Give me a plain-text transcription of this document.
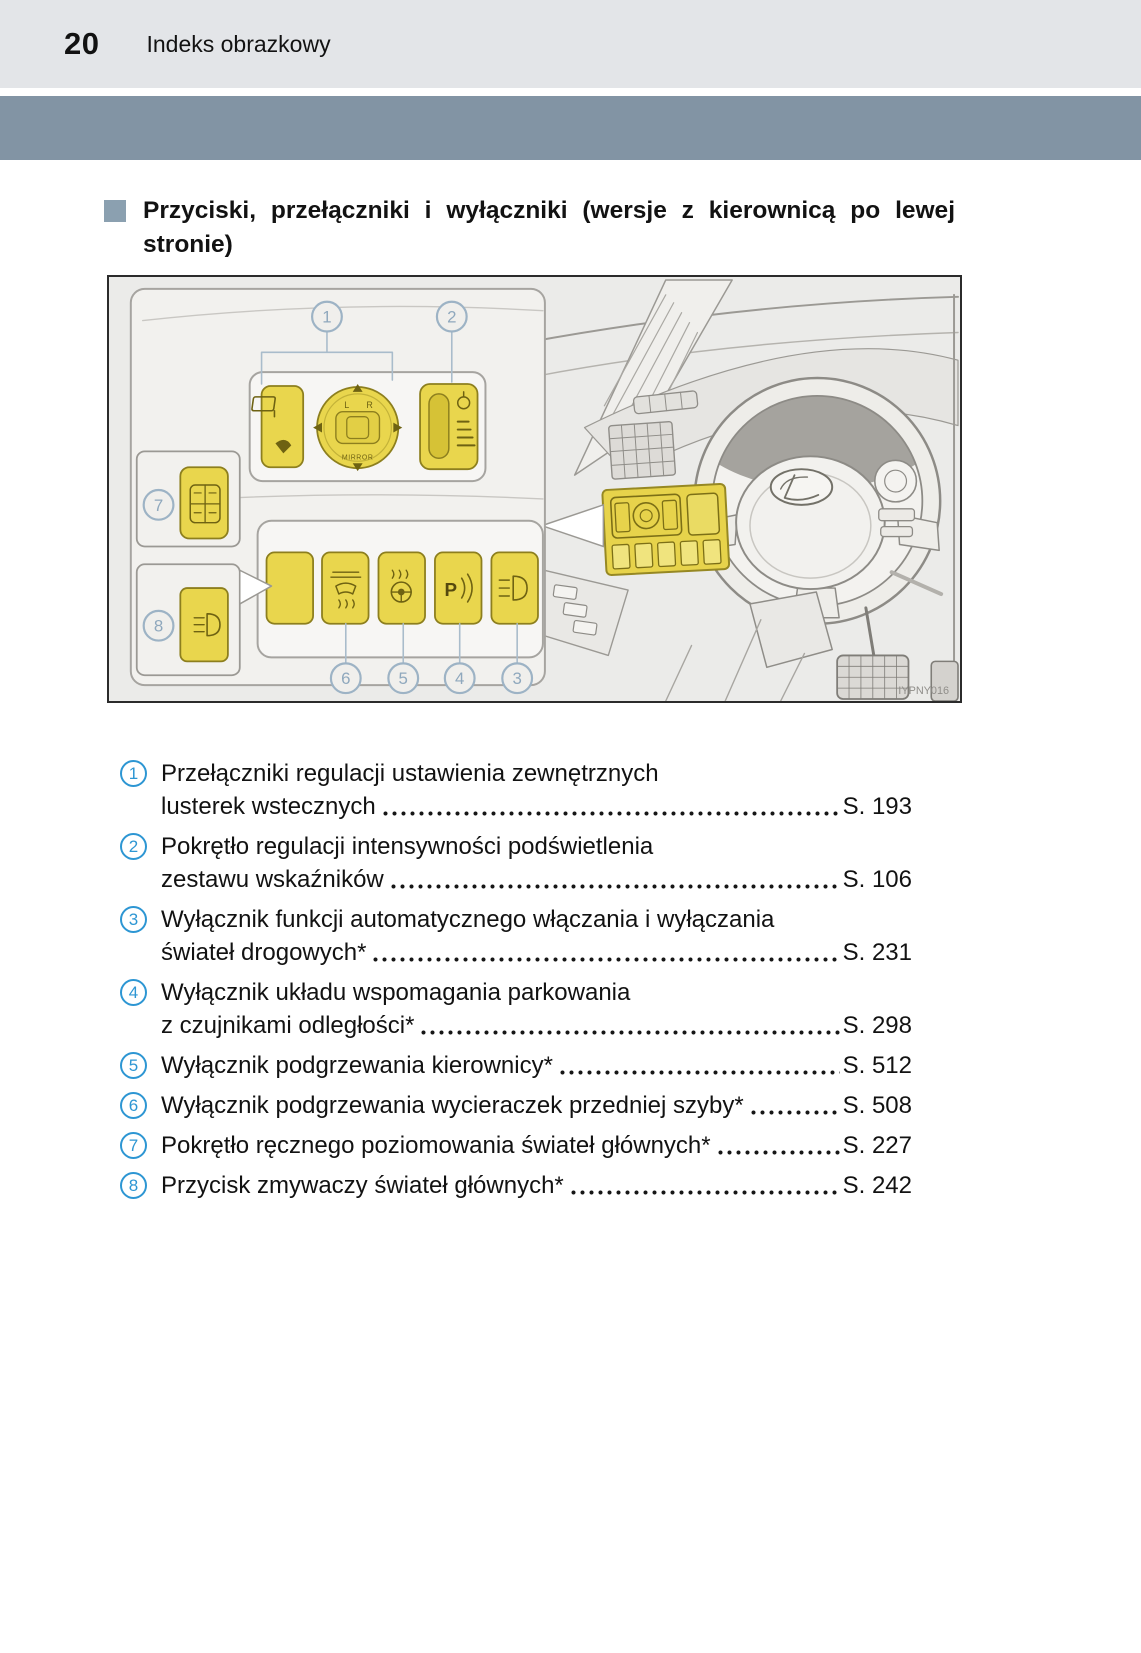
20 Indeks obrazkowy
Przyciski, przełączniki i wyłączniki (wersje z kierownicą po lewej
stronie)
L R
MIRROR
1	2
P
6	5	4	3
7
8
IYPNY016
1 Przełączniki regulacji ustawienia zewnętrznych
lusterek wstecznych	S. 193
2 Pokrętło regulacji intensywności podświetlenia
zestawu wskaźników	S. 106
3 Wyłącznik funkcji automatycznego włączania i wyłączania
świateł drogowych*	S. 231
4 Wyłącznik układu wspomagania parkowania
z czujnikami odległości*	S. 298
5 Wyłącznik podgrzewania kierownicy*	S. 512
6 Wyłącznik podgrzewania wycieraczek przedniej szyby*	S. 508
7 Pokrętło ręcznego poziomowania świateł głównych*	S. 227
8 Przycisk zmywaczy świateł głównych*	S. 242
